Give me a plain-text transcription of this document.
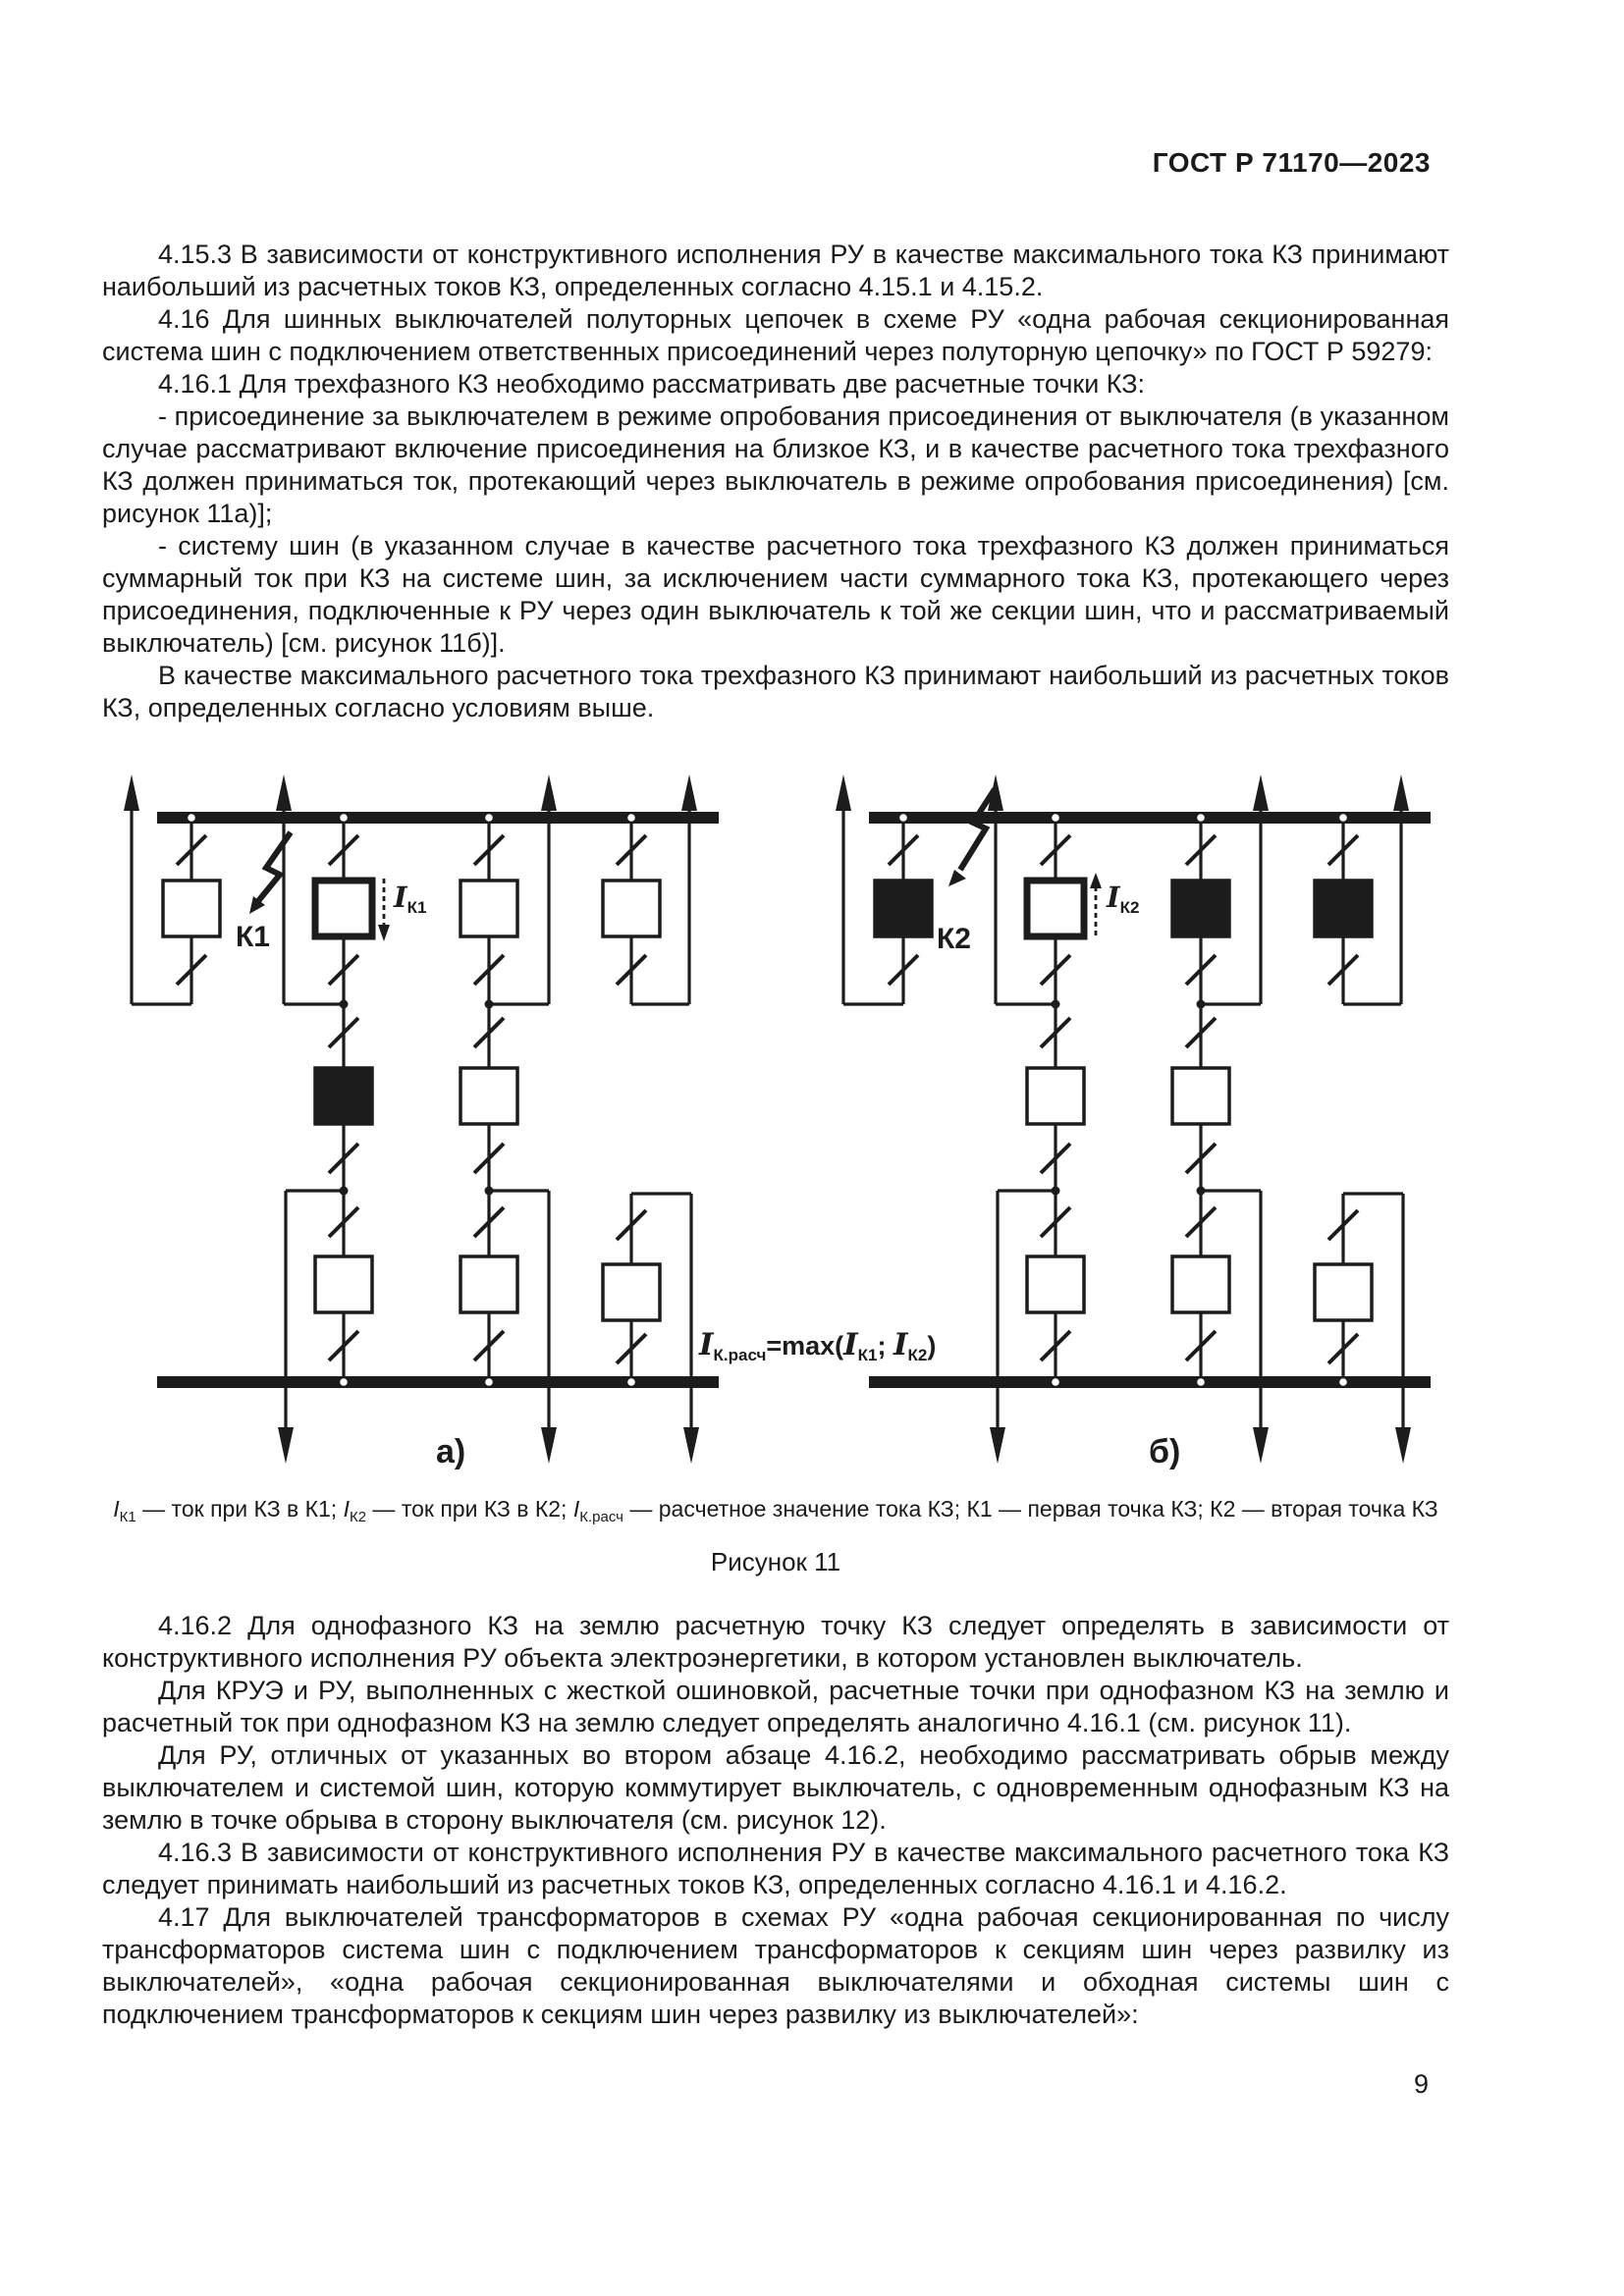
ГОСТ Р 71170—2023

4.15.3 В зависимости от конструктивного исполнения РУ в качестве максимального тока КЗ принимают наибольший из расчетных токов КЗ, определенных согласно 4.15.1 и 4.15.2.

4.16 Для шинных выключателей полуторных цепочек в схеме РУ «одна рабочая секционированная система шин с подключением ответственных присоединений через полуторную цепочку» по ГОСТ Р 59279:

4.16.1 Для трехфазного КЗ необходимо рассматривать две расчетные точки КЗ:

- присоединение за выключателем в режиме опробования присоединения от выключателя (в указанном случае рассматривают включение присоединения на близкое КЗ, и в качестве расчетного тока трехфазного КЗ должен приниматься ток, протекающий через выключатель в режиме опробования присоединения) [см. рисунок 11а)];

- систему шин (в указанном случае в качестве расчетного тока трехфазного КЗ должен приниматься суммарный ток при КЗ на системе шин, за исключением части суммарного тока КЗ, протекающего через присоединения, подключенные к РУ через один выключатель к той же секции шин, что и рассматриваемый выключатель) [см. рисунок 11б)].

В качестве максимального расчетного тока трехфазного КЗ принимают наибольший из расчетных токов КЗ, определенных согласно условиям выше.

К1	К2
$I_{К1}$	$I_{К2}$
$I_{К.расч}=\max(I_{К1}$; $I_{К2}$)
а)	б)
$I_{К1}$ — ток при КЗ в К1; $I_{К2}$ — ток при КЗ в К2; $I_{К.расч}$ — расчетное значение тока КЗ; К1 — первая точка КЗ; К2 — вторая точка КЗ
Рисунок 11

4.16.2 Для однофазного КЗ на землю расчетную точку КЗ следует определять в зависимости от конструктивного исполнения РУ объекта электроэнергетики, в котором установлен выключатель.

Для КРУЭ и РУ, выполненных с жесткой ошиновкой, расчетные точки при однофазном КЗ на землю и расчетный ток при однофазном КЗ на землю следует определять аналогично 4.16.1 (см. рисунок 11).

Для РУ, отличных от указанных во втором абзаце 4.16.2, необходимо рассматривать обрыв между выключателем и системой шин, которую коммутирует выключатель, с одновременным однофазным КЗ на землю в точке обрыва в сторону выключателя (см. рисунок 12).

4.16.3 В зависимости от конструктивного исполнения РУ в качестве максимального расчетного тока КЗ следует принимать наибольший из расчетных токов КЗ, определенных согласно 4.16.1 и 4.16.2.

4.17 Для выключателей трансформаторов в схемах РУ «одна рабочая секционированная по числу трансформаторов система шин с подключением трансформаторов к секциям шин через развилку из выключателей», «одна рабочая секционированная выключателями и обходная системы шин с подключением трансформаторов к секциям шин через развилку из выключателей»:

9
